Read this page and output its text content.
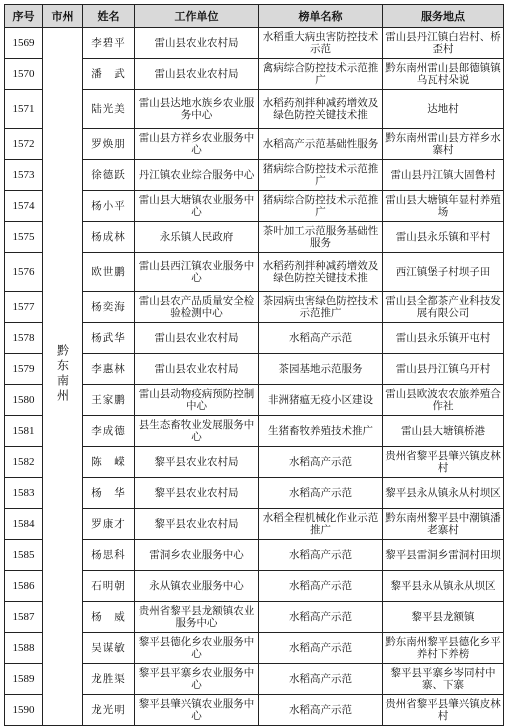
序号	市州	姓名	工作单位	榜单名称	服务地点
1569	黔东南州	李碧平	雷山县农业农村局	水稻重大病虫害防控技术示范	雷山县丹江镇白岩村、桥歪村
1570		潘　武	雷山县农业农村局	禽病综合防控技术示范推广	黔东南州雷山县郎德镇镇乌瓦村朵说
1571		陆光美	雷山县达地水族乡农业服务中心	水稻药剂拌种减药增效及绿色防控关键技术推	达地村
1572		罗焕朋	雷山县方祥乡农业服务中心	水稻高产示范基础性服务	黔东南州雷山县方祥乡水寨村
1573		徐德跃	丹江镇农业综合服务中心	猪病综合防控技术示范推广	雷山县丹江镇大固鲁村
1574		杨小平	雷山县大塘镇农业服务中心	猪病综合防控技术示范推广	雷山县大塘镇年显村养殖场
1575		杨成林	永乐镇人民政府	茶叶加工示范服务基础性服务	雷山县永乐镇和平村
1576		欧世鹏	雷山县西江镇农业服务中心	水稻药剂拌种减药增效及绿色防控关键技术推	西江镇堡子村坝子田
1577		杨奕海	雷山县农产品质量安全检验检测中心	茶园病虫害绿色防控技术示范推广	雷山县全都茶产业科技发展有限公司
1578		杨武华	雷山县农业农村局	水稻高产示范	雷山县永乐镇开屯村
1579		李惠林	雷山县农业农村局	茶园基地示范服务	雷山县丹江镇乌开村
1580		王家鹏	雷山县动物疫病预防控制中心	非洲猪瘟无疫小区建设	雷山县欧波农农旅养殖合作社
1581		李成德	县生态畜牧业发展服务中心	生猪畜牧养殖技术推广	雷山县大塘镇桥港
1582		陈　嵘	黎平县农业农村局	水稻高产示范	贵州省黎平县肇兴镇皮林村
1583		杨　华	黎平县农业农村局	水稻高产示范	黎平县永从镇永从村坝区
1584		罗康才	黎平县农业农村局	水稻全程机械化作业示范推广	黔东南州黎平县中潮镇潘老寨村
1585		杨思科	雷洞乡农业服务中心	水稻高产示范	黎平县雷洞乡雷洞村田坝
1586		石明朝	永从镇农业服务中心	水稻高产示范	黎平县永从镇永从坝区
1587		杨　威	贵州省黎平县龙额镇农业服务中心	水稻高产示范	黎平县龙额镇
1588		吴谋敏	黎平县德化乡农业服务中心	水稻高产示范	黔东南州黎平县德化乡平养村下养榜
1589		龙胜渠	黎平县平寨乡农业服务中心	水稻高产示范	黎平县平寨乡岑同村中寨、下寨
1590		龙光明	黎平县肇兴镇农业服务中心	水稻高产示范	贵州省黎平县肇兴镇皮林村
